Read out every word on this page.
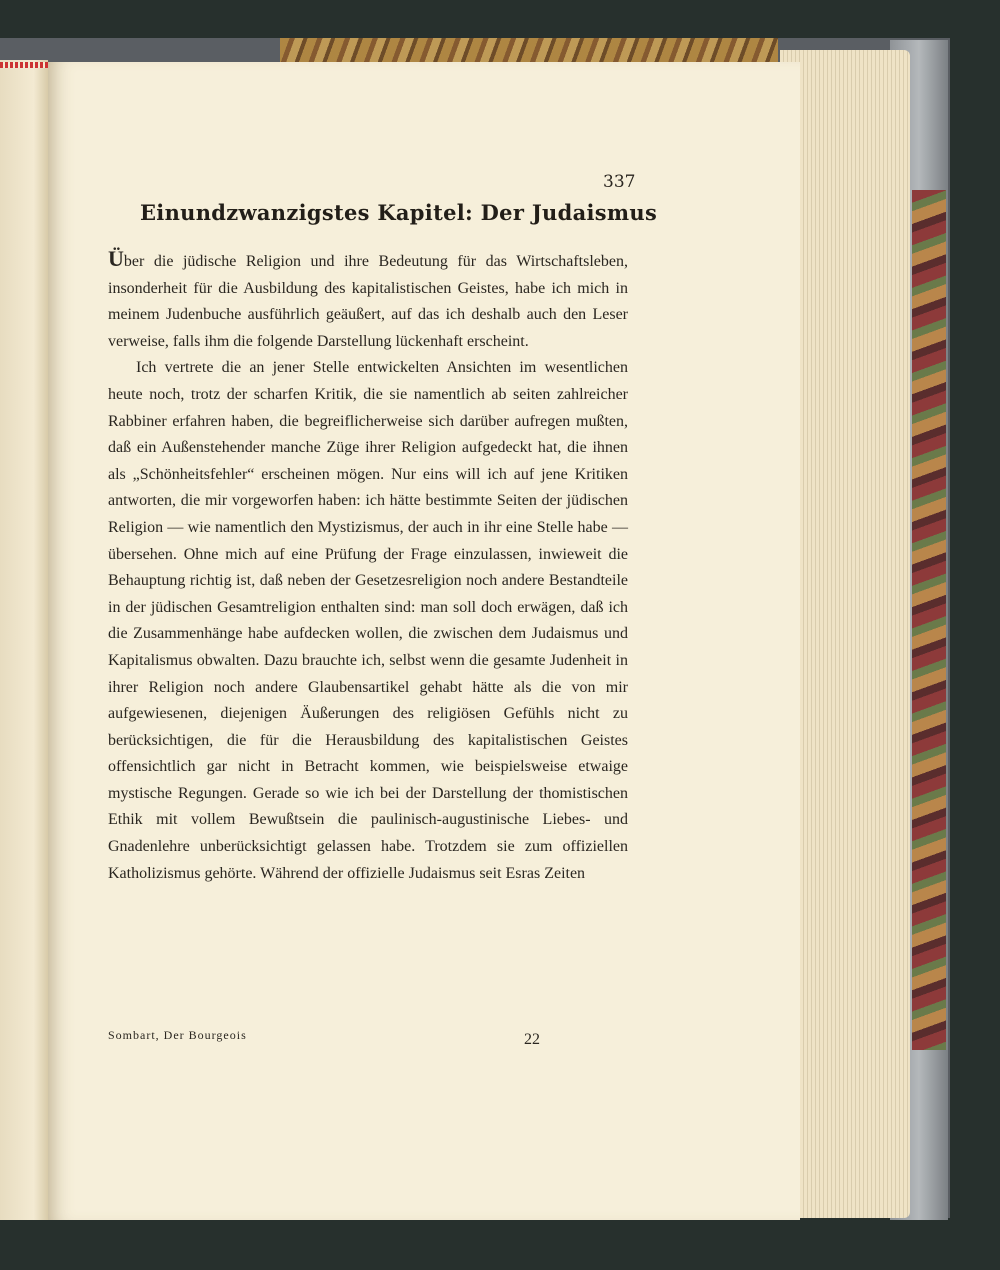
337
Einundzwanzigstes Kapitel: Der Judaismus

Über die jüdische Religion und ihre Bedeutung für das Wirtschaftsleben, insonderheit für die Ausbildung des kapitalistischen Geistes, habe ich mich in meinem Judenbuche ausführlich geäußert, auf das ich deshalb auch den Leser verweise, falls ihm die folgende Darstellung lückenhaft erscheint.

Ich vertrete die an jener Stelle entwickelten Ansichten im wesentlichen heute noch, trotz der scharfen Kritik, die sie namentlich ab seiten zahlreicher Rabbiner erfahren haben, die begreiflicherweise sich darüber aufregen mußten, daß ein Außenstehender manche Züge ihrer Religion aufgedeckt hat, die ihnen als „Schönheitsfehler“ erscheinen mögen. Nur eins will ich auf jene Kritiken antworten, die mir vorgeworfen haben: ich hätte bestimmte Seiten der jüdischen Religion — wie namentlich den Mystizismus, der auch in ihr eine Stelle habe — übersehen. Ohne mich auf eine Prüfung der Frage einzulassen, inwieweit die Behauptung richtig ist, daß neben der Gesetzesreligion noch andere Bestandteile in der jüdischen Gesamtreligion enthalten sind: man soll doch erwägen, daß ich die Zusammenhänge habe aufdecken wollen, die zwischen dem Judaismus und Kapitalismus obwalten. Dazu brauchte ich, selbst wenn die gesamte Judenheit in ihrer Religion noch andere Glaubensartikel gehabt hätte als die von mir aufgewiesenen, diejenigen Äußerungen des religiösen Gefühls nicht zu berücksichtigen, die für die Herausbildung des kapitalistischen Geistes offensichtlich gar nicht in Betracht kommen, wie beispielsweise etwaige mystische Regungen. Gerade so wie ich bei der Darstellung der thomistischen Ethik mit vollem Bewußtsein die paulinisch-augustinische Liebes- und Gnadenlehre unberücksichtigt gelassen habe. Trotzdem sie zum offiziellen Katholizismus gehörte. Während der offizielle Judaismus seit Esras Zeiten

Sombart, Der Bourgeois	22
